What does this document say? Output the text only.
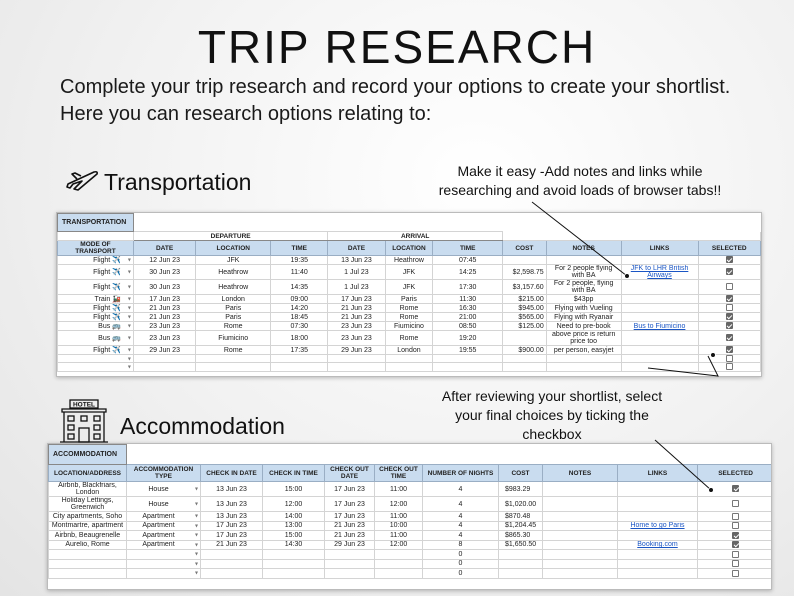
TRIP RESEARCH
Complete your trip research and record your options to create your shortlist. Here you can research options relating to:
Transportation	Make it easy -Add notes and links while researching and avoid loads of browser tabs!!
TRANSPORTATION										
	DEPARTURE			ARRIVAL						
MODE OF TRANSPORT	DATE	LOCATION	TIME	DATE	LOCATION	TIME	COST	NOTES	LINKS	SELECTED
Flight ✈️ ▾	12 Jun 23	JFK	19:35	13 Jun 23	Heathrow	07:45				
Flight ✈️ ▾	30 Jun 23	Heathrow	11:40	1 Jul 23	JFK	14:25	$2,598.75	For 2 people flying with BA	JFK to LHR British Airways	
Flight ✈️ ▾	30 Jun 23	Heathrow	14:35	1 Jul 23	JFK	17:30	$3,157.60	For 2 people, flying with BA		
Train 🚂 ▾	17 Jun 23	London	09:00	17 Jun 23	Paris	11:30	$215.00	$43pp		
Flight ✈️ ▾	21 Jun 23	Paris	14:20	21 Jun 23	Rome	16:30	$945.00	Flying with Vueling		
Flight ✈️ ▾	21 Jun 23	Paris	18:45	21 Jun 23	Rome	21:00	$565.00	Flying with Ryanair		
Bus 🚌 ▾	23 Jun 23	Rome	07:30	23 Jun 23	Fiumicino	08:50	$125.00	Need to pre-book	Bus to Fiumicino	
Bus 🚌 ▾	23 Jun 23	Fiumicino	18:00	23 Jun 23	Rome	19:20		above price is return price too		
Flight ✈️ ▾	29 Jun 23	Rome	17:35	29 Jun 23	London	19:55	$900.00	per person, easyjet		

▾										

▾										

HOTEL
Accommodation
After reviewing your shortlist, select your final choices by ticking the checkbox
ACCOMMODATION										
LOCATION/ADDRESS	ACCOMMODATION TYPE	CHECK IN DATE	CHECK IN TIME	CHECK OUT DATE	CHECK OUT TIME	NUMBER OF NIGHTS	COST	NOTES	LINKS	SELECTED
Airbnb, Blackfriars, London	House ▾	13 Jun 23	15:00	17 Jun 23	11:00	4	$983.29			
Holiday Lettings, Greenwich	House ▾	13 Jun 23	12:00	17 Jun 23	12:00	4	$1,020.00			
City apartments, Soho	Apartment ▾	13 Jun 23	14:00	17 Jun 23	11:00	4	$870.48			
Montmartre, apartment	Apartment ▾	17 Jun 23	13:00	21 Jun 23	10:00	4	$1,204.45		Home to go Paris	
Airbnb, Beaugrenelle	Apartment ▾	17 Jun 23	15:00	21 Jun 23	11:00	4	$865.30			
Aurelio, Rome	Apartment ▾	21 Jun 23	14:30	29 Jun 23	12:00	8	$1,650.50		Booking.com	

	▾					0				

	▾					0				

	▾					0				
